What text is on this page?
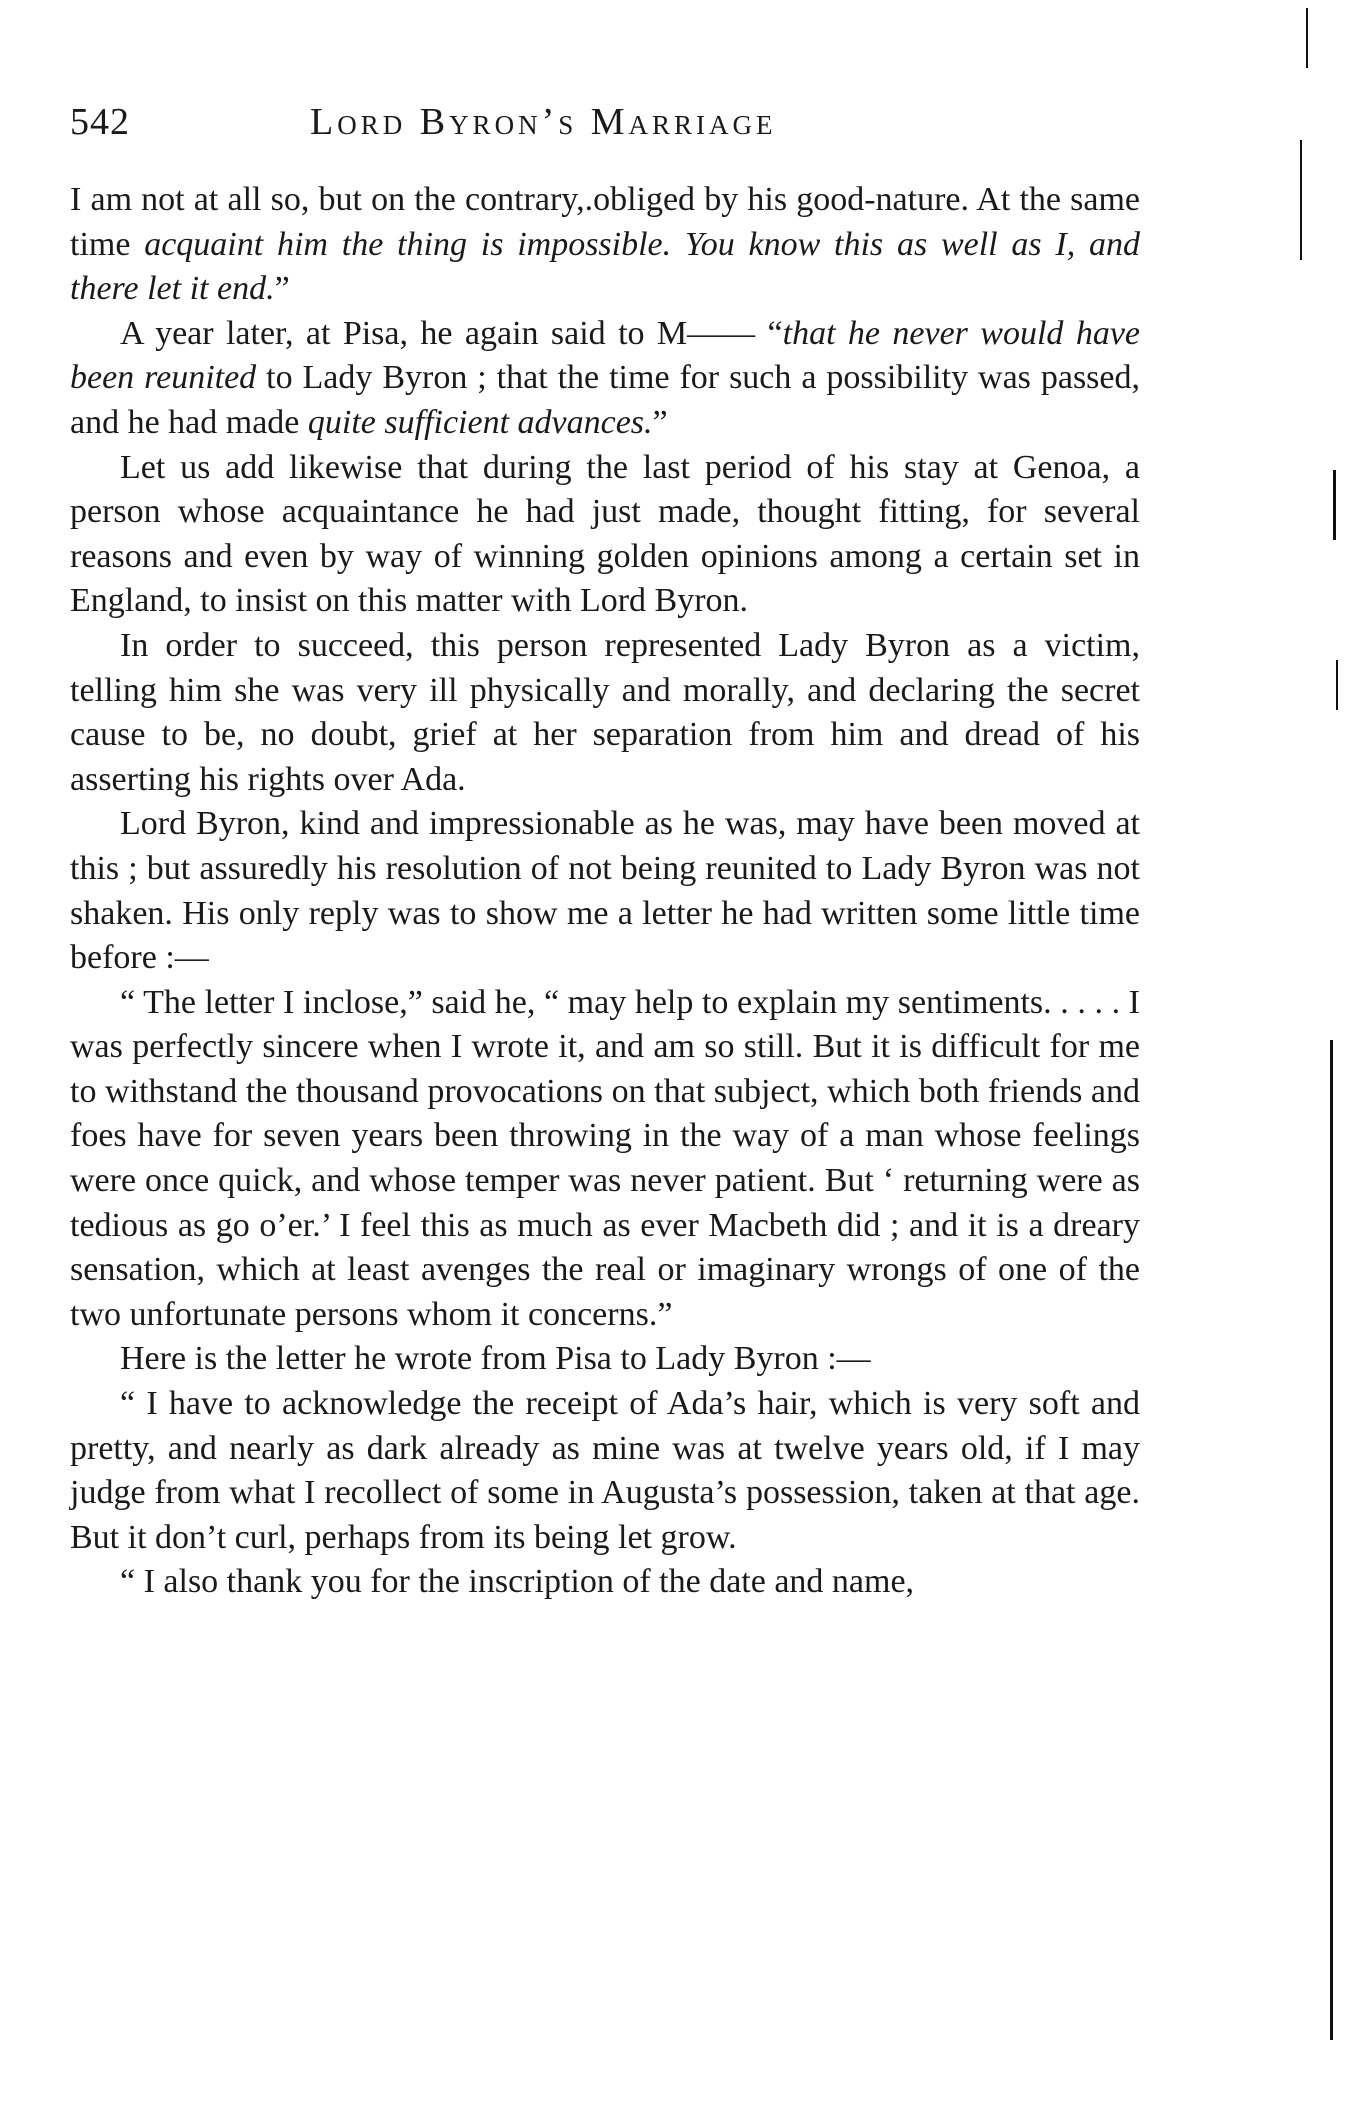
542	Lord Byron’s Marriage

I am not at all so, but on the contrary,.obliged by his good-nature. At the same time acquaint him the thing is impossible. You know this as well as I, and there let it end.”

A year later, at Pisa, he again said to M—— “that he never would have been reunited to Lady Byron ; that the time for such a possibility was passed, and he had made quite sufficient advances.”

Let us add likewise that during the last period of his stay at Genoa, a person whose acquaintance he had just made, thought fitting, for several reasons and even by way of winning golden opinions among a certain set in England, to insist on this matter with Lord Byron.

In order to succeed, this person represented Lady Byron as a victim, telling him she was very ill physically and morally, and declaring the secret cause to be, no doubt, grief at her separation from him and dread of his asserting his rights over Ada.

Lord Byron, kind and impressionable as he was, may have been moved at this ; but assuredly his resolution of not being reunited to Lady Byron was not shaken. His only reply was to show me a letter he had written some little time before :—

“ The letter I inclose,” said he, “ may help to explain my sentiments. . . . . I was perfectly sincere when I wrote it, and am so still. But it is difficult for me to withstand the thousand provocations on that subject, which both friends and foes have for seven years been throwing in the way of a man whose feelings were once quick, and whose temper was never patient. But ‘ returning were as tedious as go o’er.’ I feel this as much as ever Macbeth did ; and it is a dreary sensation, which at least avenges the real or imaginary wrongs of one of the two unfortunate persons whom it concerns.”

Here is the letter he wrote from Pisa to Lady Byron :—

“ I have to acknowledge the receipt of Ada’s hair, which is very soft and pretty, and nearly as dark already as mine was at twelve years old, if I may judge from what I recollect of some in Augusta’s possession, taken at that age. But it don’t curl, perhaps from its being let grow.

“ I also thank you for the inscription of the date and name,
